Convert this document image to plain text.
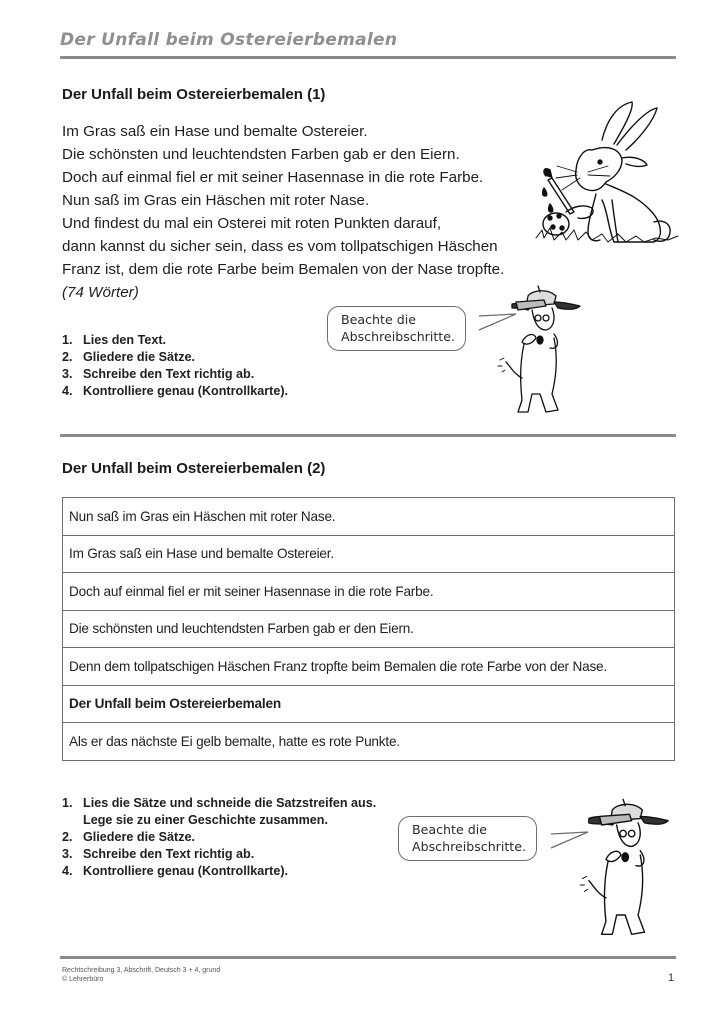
Der Unfall beim Ostereierbemalen
Der Unfall beim Ostereierbemalen (1)
Im Gras saß ein Hase und bemalte Ostereier.
Die schönsten und leuchtendsten Farben gab er den Eiern.
Doch auf einmal fiel er mit seiner Hasennase in die rote Farbe.
Nun saß im Gras ein Häschen mit roter Nase.
Und findest du mal ein Osterei mit roten Punkten darauf,
dann kannst du sicher sein, dass es vom tollpatschigen Häschen
Franz ist, dem die rote Farbe beim Bemalen von der Nase tropfte.
(74 Wörter)
1. Lies den Text.
2. Gliedere die Sätze.
3. Schreibe den Text richtig ab.
4. Kontrolliere genau (Kontrollkarte).
Beachte die
Abschreibschritte.
Der Unfall beim Ostereierbemalen (2)
Nun saß im Gras ein Häschen mit roter Nase.
Im Gras saß ein Hase und bemalte Ostereier.
Doch auf einmal fiel er mit seiner Hasennase in die rote Farbe.
Die schönsten und leuchtendsten Farben gab er den Eiern.
Denn dem tollpatschigen Häschen Franz tropfte beim Bemalen die rote Farbe von der Nase.
Der Unfall beim Ostereierbemalen
Als er das nächste Ei gelb bemalte, hatte es rote Punkte.
1. Lies die Sätze und schneide die Satzstreifen aus.
Lege sie zu einer Geschichte zusammen.
2. Gliedere die Sätze.
3. Schreibe den Text richtig ab.
4. Kontrolliere genau (Kontrollkarte).
Beachte die
Abschreibschritte.
Rechtschreibung 3, Abschrift, Deutsch 3 + 4, grund
© Lehrerbüro	1
